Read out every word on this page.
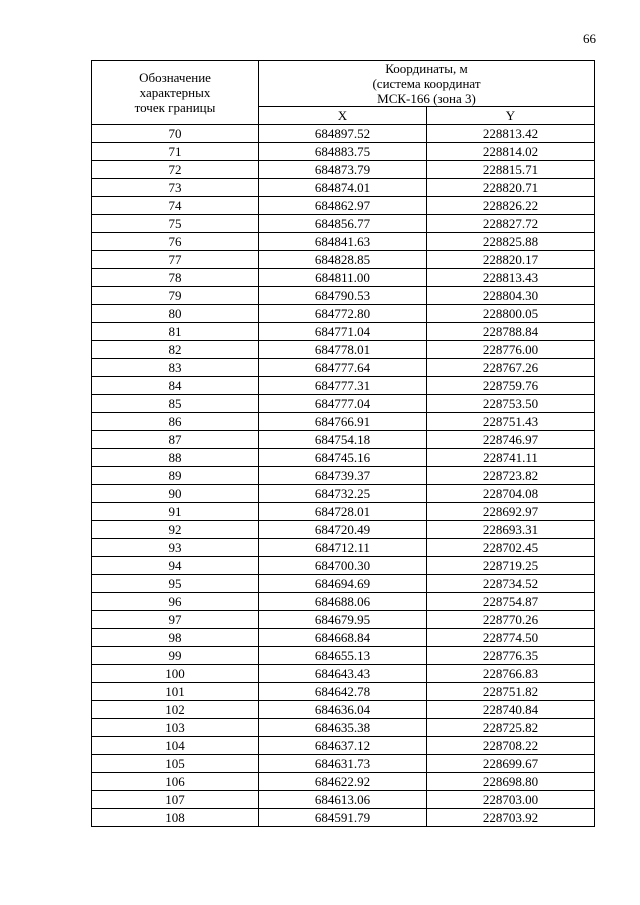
66
Обозначение
характерных
точек границы	Координаты, м
(система координат
МСК-166 (зона 3)	

	X	Y
70	684897.52	228813.42
71	684883.75	228814.02
72	684873.79	228815.71
73	684874.01	228820.71
74	684862.97	228826.22
75	684856.77	228827.72
76	684841.63	228825.88
77	684828.85	228820.17
78	684811.00	228813.43
79	684790.53	228804.30
80	684772.80	228800.05
81	684771.04	228788.84
82	684778.01	228776.00
83	684777.64	228767.26
84	684777.31	228759.76
85	684777.04	228753.50
86	684766.91	228751.43
87	684754.18	228746.97
88	684745.16	228741.11
89	684739.37	228723.82
90	684732.25	228704.08
91	684728.01	228692.97
92	684720.49	228693.31
93	684712.11	228702.45
94	684700.30	228719.25
95	684694.69	228734.52
96	684688.06	228754.87
97	684679.95	228770.26
98	684668.84	228774.50
99	684655.13	228776.35
100	684643.43	228766.83
101	684642.78	228751.82
102	684636.04	228740.84
103	684635.38	228725.82
104	684637.12	228708.22
105	684631.73	228699.67
106	684622.92	228698.80
107	684613.06	228703.00
108	684591.79	228703.92
